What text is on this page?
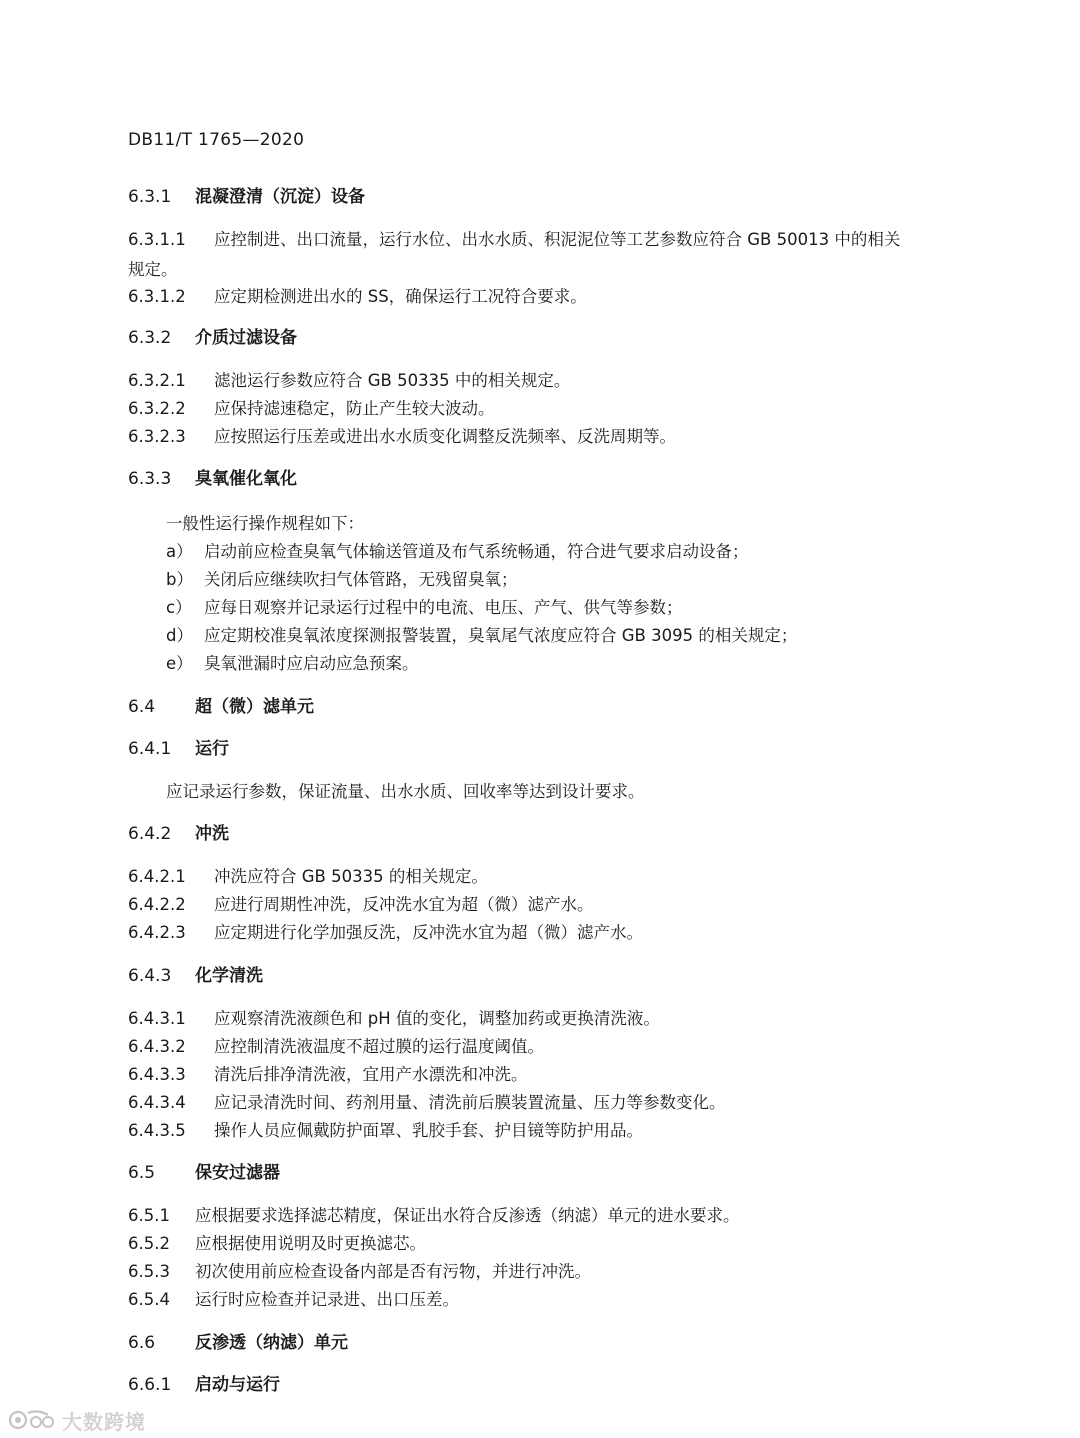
DB11/T 1765—2020
6.3.1 混凝澄清（沉淀）设备
6.3.1.1 应控制进、出口流量，运行水位、出水水质、积泥泥位等工艺参数应符合 GB 50013 中的相关
规定。
6.3.1.2 应定期检测进出水的 SS，确保运行工况符合要求。
6.3.2 介质过滤设备
6.3.2.1 滤池运行参数应符合 GB 50335 中的相关规定。
6.3.2.2 应保持滤速稳定，防止产生较大波动。
6.3.2.3 应按照运行压差或进出水水质变化调整反洗频率、反洗周期等。
6.3.3 臭氧催化氧化
一般性运行操作规程如下：
a） 启动前应检查臭氧气体输送管道及布气系统畅通，符合进气要求启动设备；
b） 关闭后应继续吹扫气体管路，无残留臭氧；
c） 应每日观察并记录运行过程中的电流、电压、产气、供气等参数；
d） 应定期校准臭氧浓度探测报警装置，臭氧尾气浓度应符合 GB 3095 的相关规定；
e） 臭氧泄漏时应启动应急预案。
6.4 超（微）滤单元
6.4.1 运行
应记录运行参数，保证流量、出水水质、回收率等达到设计要求。
6.4.2 冲洗
6.4.2.1 冲洗应符合 GB 50335 的相关规定。
6.4.2.2 应进行周期性冲洗，反冲洗水宜为超（微）滤产水。
6.4.2.3 应定期进行化学加强反洗，反冲洗水宜为超（微）滤产水。
6.4.3 化学清洗
6.4.3.1 应观察清洗液颜色和 pH 值的变化，调整加药或更换清洗液。
6.4.3.2 应控制清洗液温度不超过膜的运行温度阈值。
6.4.3.3 清洗后排净清洗液，宜用产水漂洗和冲洗。
6.4.3.4 应记录清洗时间、药剂用量、清洗前后膜装置流量、压力等参数变化。
6.4.3.5 操作人员应佩戴防护面罩、乳胶手套、护目镜等防护用品。
6.5 保安过滤器
6.5.1 应根据要求选择滤芯精度，保证出水符合反渗透（纳滤）单元的进水要求。
6.5.2 应根据使用说明及时更换滤芯。
6.5.3 初次使用前应检查设备内部是否有污物，并进行冲洗。
6.5.4 运行时应检查并记录进、出口压差。
6.6 反渗透（纳滤）单元
6.6.1 启动与运行
大数跨境
